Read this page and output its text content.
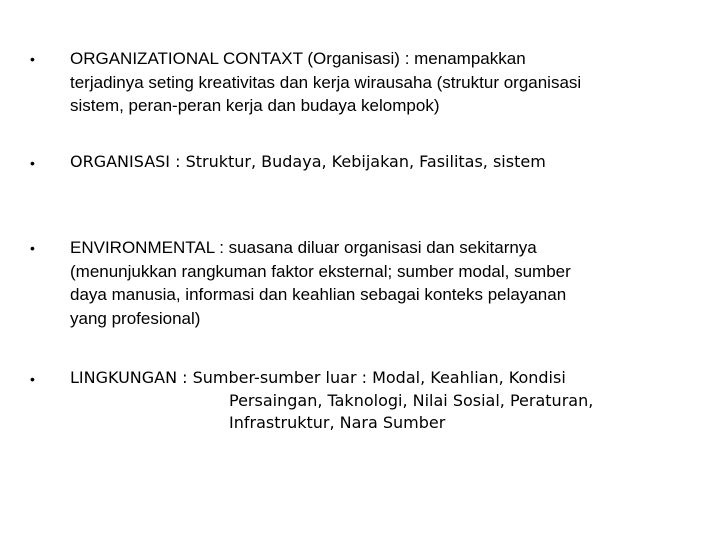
• ORGANIZATIONAL CONTAXT (Organisasi) : menampakkan
terjadinya seting kreativitas dan kerja wirausaha (struktur organisasi
sistem, peran-peran kerja dan budaya kelompok)
• ORGANISASI : Struktur, Budaya, Kebijakan, Fasilitas, sistem
• ENVIRONMENTAL : suasana diluar organisasi dan sekitarnya
(menunjukkan rangkuman faktor eksternal; sumber modal, sumber
daya manusia, informasi dan keahlian sebagai konteks pelayanan
yang profesional)
• LINGKUNGAN : Sumber-sumber luar : Modal, Keahlian, Kondisi
Persaingan, Taknologi, Nilai Sosial, Peraturan,
Infrastruktur, Nara Sumber
